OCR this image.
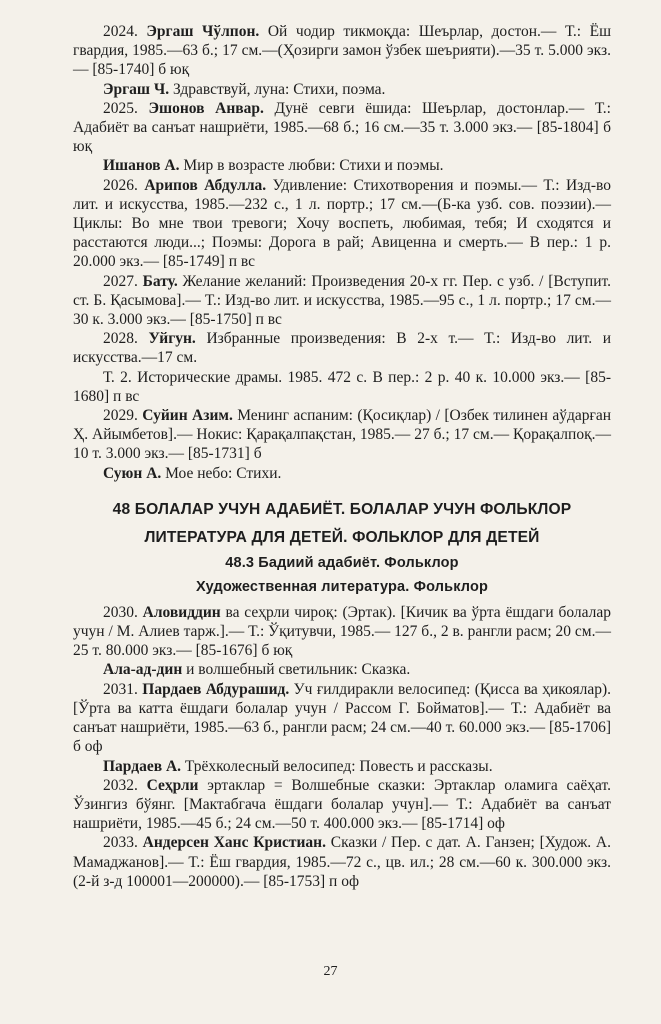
2024. Эргаш Чўлпон. Ой чодир тикмоқда: Шеърлар, достон.— Т.: Ёш гвардия, 1985.—63 б.; 17 см.—(Ҳозирги замон ўзбек шеърияти).—35 т. 5.000 экз.— [85-1740] б юқ

Эргаш Ч. Здравствуй, луна: Стихи, поэма.

2025. Эшонов Анвар. Дунё севги ёшида: Шеърлар, достонлар.— Т.: Адабиёт ва санъат нашриёти, 1985.—68 б.; 16 см.—35 т. 3.000 экз.— [85-1804] б юқ

Ишанов А. Мир в возрасте любви: Стихи и поэмы.

2026. Арипов Абдулла. Удивление: Стихотворения и поэмы.— Т.: Изд-во лит. и искусства, 1985.—232 с., 1 л. портр.; 17 см.—(Б-ка узб. сов. поэзии).— Циклы: Во мне твои тревоги; Хочу воспеть, любимая, тебя; И сходятся и расстаются люди...; Поэмы: Дорога в рай; Авиценна и смерть.— В пер.: 1 р. 20.000 экз.— [85-1749] п вс

2027. Бату. Желание желаний: Произведения 20-х гг. Пер. с узб. / [Вступит. ст. Б. Қасымова].— Т.: Изд-во лит. и искусства, 1985.—95 с., 1 л. портр.; 17 см.—30 к. 3.000 экз.— [85-1750] п вс

2028. Уйгун. Избранные произведения: В 2-х т.— Т.: Изд-во лит. и искусства.—17 см.

Т. 2. Исторические драмы. 1985. 472 с. В пер.: 2 р. 40 к. 10.000 экз.— [85-1680] п вс

2029. Суйин Азим. Менинг аспаним: (Қосиқлар) / [Озбек тилинен аўдарған Ҳ. Айымбетов].— Нокис: Қарақалпақстан, 1985.— 27 б.; 17 см.— Қорақалпоқ.—10 т. 3.000 экз.— [85-1731] б

Суюн А. Мое небо: Стихи.

48 БОЛАЛАР УЧУН АДАБИЁТ. БОЛАЛАР УЧУН ФОЛЬКЛОР

ЛИТЕРАТУРА ДЛЯ ДЕТЕЙ. ФОЛЬКЛОР ДЛЯ ДЕТЕЙ

48.3 Бадиий адабиёт. Фольклор

Художественная литература. Фольклор

2030. Аловиддин ва сеҳрли чироқ: (Эртак). [Кичик ва ўрта ёшдаги болалар учун / М. Алиев тарж.].— Т.: Ўқитувчи, 1985.— 127 б., 2 в. рангли расм; 20 см.—25 т. 80.000 экз.— [85-1676] б юқ

Ала-ад-дин и волшебный светильник: Сказка.

2031. Пардаев Абдурашид. Уч ғилдиракли велосипед: (Қисса ва ҳикоялар). [Ўрта ва катта ёшдаги болалар учун / Рассом Г. Бойматов].— Т.: Адабиёт ва санъат нашриёти, 1985.—63 б., рангли расм; 24 см.—40 т. 60.000 экз.— [85-1706] б оф

Пардаев А. Трёхколесный велосипед: Повесть и рассказы.

2032. Сеҳрли эртаклар = Волшебные сказки: Эртаклар оламига саёҳат. Ўзингиз бўянг. [Мактабгача ёшдаги болалар учун].— Т.: Адабиёт ва санъат нашриёти, 1985.—45 б.; 24 см.—50 т. 400.000 экз.— [85-1714] оф

2033. Андерсен Ханс Кристиан. Сказки / Пер. с дат. А. Ганзен; [Худож. А. Мамаджанов].— Т.: Ёш гвардия, 1985.—72 с., цв. ил.; 28 см.—60 к. 300.000 экз. (2-й з-д 100001—200000).— [85-1753] п оф

27
